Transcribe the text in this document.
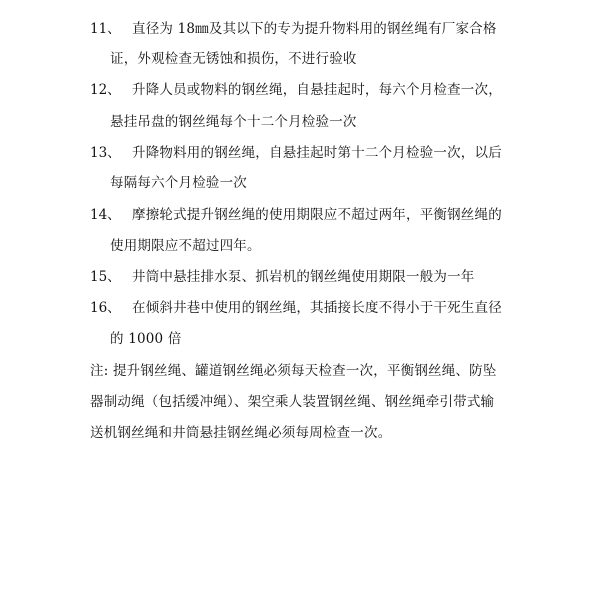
11、 直径为 18㎜及其以下的专为提升物料用的钢丝绳有厂家合格
证，外观检查无锈蚀和损伤，不进行验收
12、 升降人员或物料的钢丝绳，自悬挂起时，每六个月检查一次，
悬挂吊盘的钢丝绳每个十二个月检验一次
13、 升降物料用的钢丝绳，自悬挂起时第十二个月检验一次，以后
每隔每六个月检验一次
14、 摩擦轮式提升钢丝绳的使用期限应不超过两年，平衡钢丝绳的
使用期限应不超过四年。
15、 井筒中悬挂排水泵、抓岩机的钢丝绳使用期限一般为一年
16、 在倾斜井巷中使用的钢丝绳，其插接长度不得小于干死生直径
的 1000 倍
注: 提升钢丝绳、罐道钢丝绳必须每天检查一次，平衡钢丝绳、防坠
器制动绳（包括缓冲绳）、架空乘人装置钢丝绳、钢丝绳牵引带式输
送机钢丝绳和井筒悬挂钢丝绳必须每周检查一次。
